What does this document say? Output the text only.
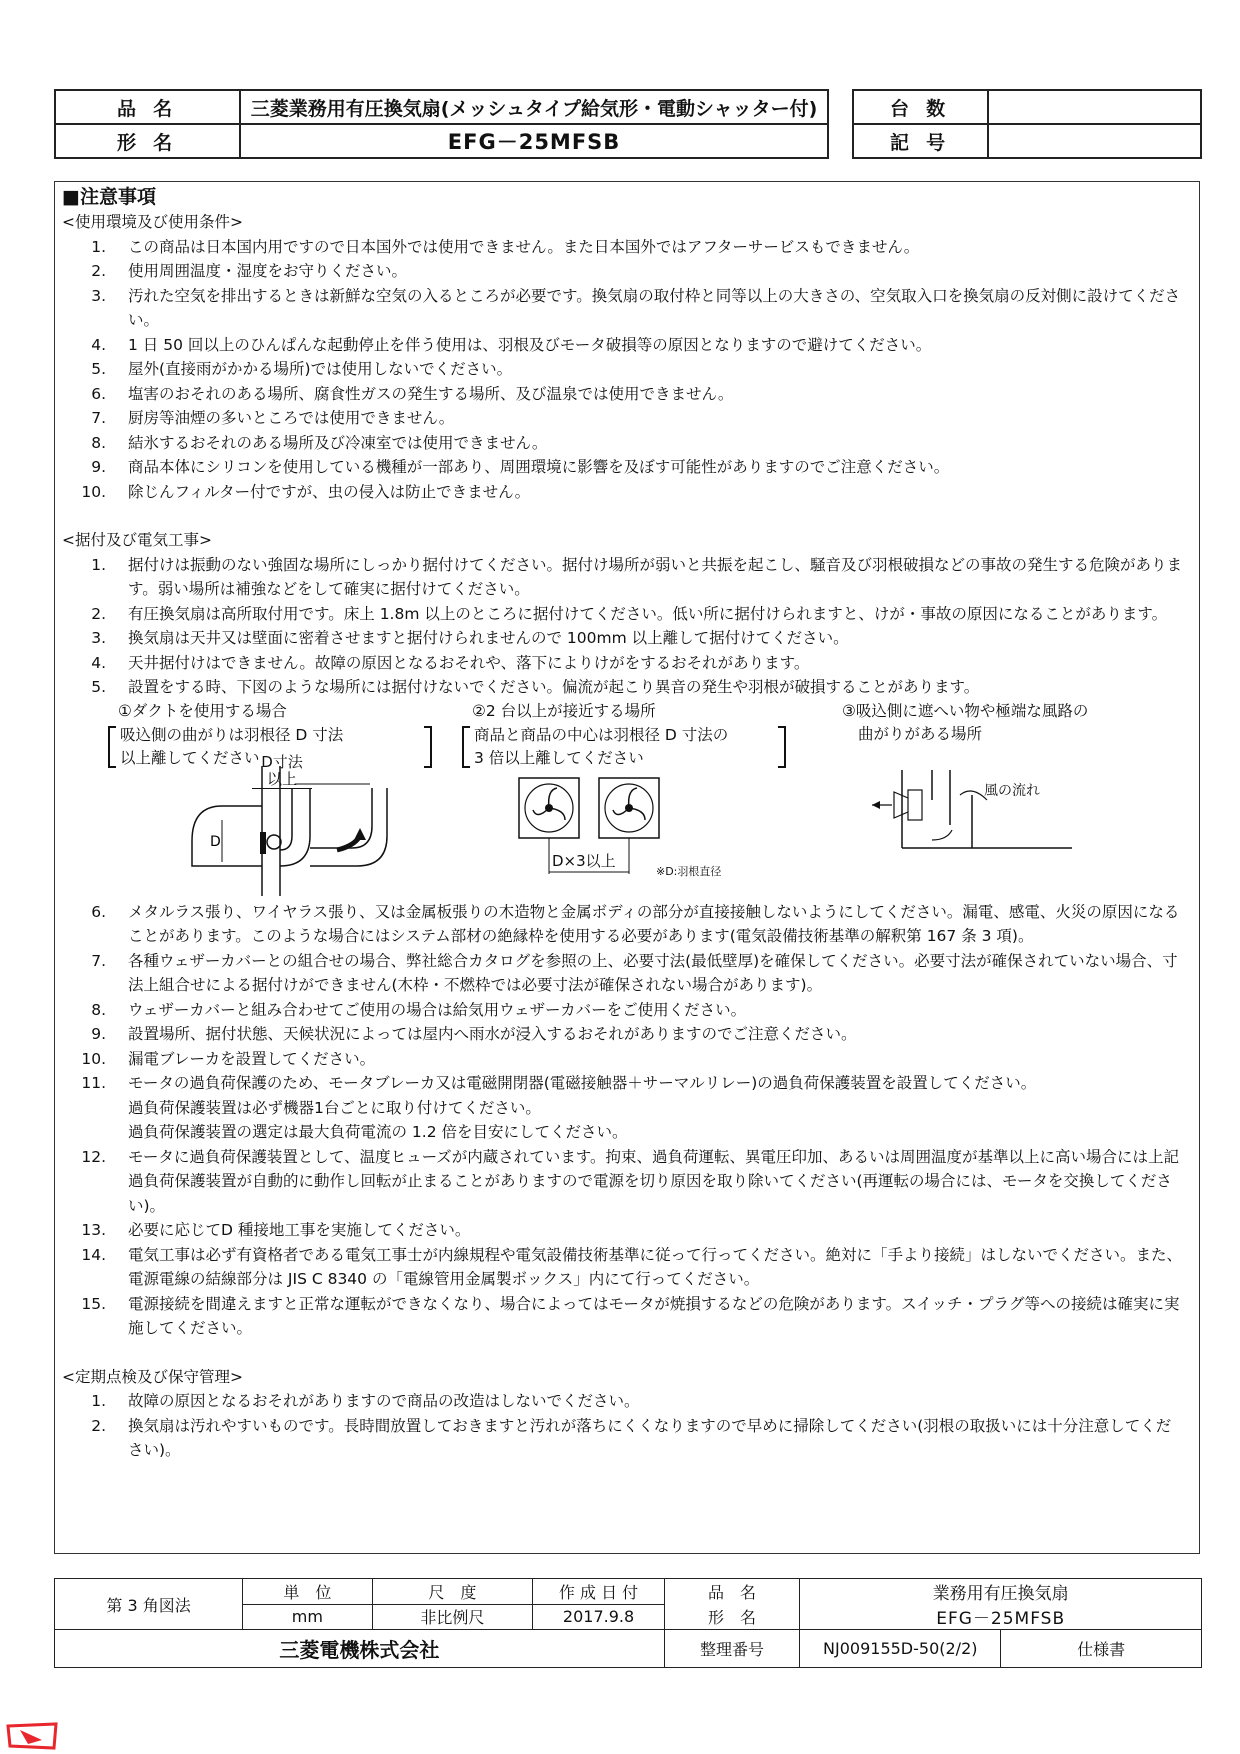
品名	三菱業務用有圧換気扇(メッシュタイプ給気形・電動シャッター付)
形名	EFG－25MFSB
台数	
記号	
■注意事項
<使用環境及び使用条件>
1.	この商品は日本国内用ですので日本国外では使用できません。また日本国外ではアフターサービスもできません。
2.	使用周囲温度・湿度をお守りください。
3.	汚れた空気を排出するときは新鮮な空気の入るところが必要です。換気扇の取付枠と同等以上の大きさの、空気取入口を換気扇の反対側に設けてください。
4.	1 日 50 回以上のひんぱんな起動停止を伴う使用は、羽根及びモータ破損等の原因となりますので避けてください。
5.	屋外(直接雨がかかる場所)では使用しないでください。
6.	塩害のおそれのある場所、腐食性ガスの発生する場所、及び温泉では使用できません。
7.	厨房等油煙の多いところでは使用できません。
8.	結氷するおそれのある場所及び冷凍室では使用できません。
9.	商品本体にシリコンを使用している機種が一部あり、周囲環境に影響を及ぼす可能性がありますのでご注意ください。
10.	除じんフィルター付ですが、虫の侵入は防止できません。
<据付及び電気工事>
1.	据付けは振動のない強固な場所にしっかり据付けてください。据付け場所が弱いと共振を起こし、騒音及び羽根破損などの事故の発生する危険があります。弱い場所は補強などをして確実に据付けてください。
2.	有圧換気扇は高所取付用です。床上 1.8m 以上のところに据付けてください。低い所に据付けられますと、けが・事故の原因になることがあります。
3.	換気扇は天井又は壁面に密着させますと据付けられませんので 100mm 以上離して据付けてください。
4.	天井据付けはできません。故障の原因となるおそれや、落下によりけがをするおそれがあります。
5.	設置をする時、下図のような場所には据付けないでください。偏流が起こり異音の発生や羽根が破損することがあります。
①ダクトを使用する場合
吸込側の曲がりは羽根径 D 寸法
以上離してください
D
D寸法
以上
②2 台以上が接近する場所
商品と商品の中心は羽根径 D 寸法の
3 倍以上離してください
D×3以上
※D:羽根直径
③吸込側に遮へい物や極端な風路の
曲がりがある場所
風の流れ
6.	メタルラス張り、ワイヤラス張り、又は金属板張りの木造物と金属ボディの部分が直接接触しないようにしてください。漏電、感電、火災の原因になることがあります。このような場合にはシステム部材の絶縁枠を使用する必要があります(電気設備技術基準の解釈第 167 条 3 項)。
7.	各種ウェザーカバーとの組合せの場合、弊社総合カタログを参照の上、必要寸法(最低壁厚)を確保してください。必要寸法が確保されていない場合、寸法上組合せによる据付けができません(木枠・不燃枠では必要寸法が確保されない場合があります)。
8.	ウェザーカバーと組み合わせてご使用の場合は給気用ウェザーカバーをご使用ください。
9.	設置場所、据付状態、天候状況によっては屋内へ雨水が浸入するおそれがありますのでご注意ください。
10.	漏電ブレーカを設置してください。
11.	モータの過負荷保護のため、モータブレーカ又は電磁開閉器(電磁接触器＋サーマルリレー)の過負荷保護装置を設置してください。
過負荷保護装置は必ず機器1台ごとに取り付けてください。
過負荷保護装置の選定は最大負荷電流の 1.2 倍を目安にしてください。
12.	モータに過負荷保護装置として、温度ヒューズが内蔵されています。拘束、過負荷運転、異電圧印加、あるいは周囲温度が基準以上に高い場合には上記過負荷保護装置が自動的に動作し回転が止まることがありますので電源を切り原因を取り除いてください(再運転の場合には、モータを交換してください)。
13.	必要に応じてD 種接地工事を実施してください。
14.	電気工事は必ず有資格者である電気工事士が内線規程や電気設備技術基準に従って行ってください。絶対に「手より接続」はしないでください。また、電源電線の結線部分は JIS C 8340 の「電線管用金属製ボックス」内にて行ってください。
15.	電源接続を間違えますと正常な運転ができなくなり、場合によってはモータが焼損するなどの危険があります。スイッチ・プラグ等への接続は確実に実施してください。
<定期点検及び保守管理>
1.	故障の原因となるおそれがありますので商品の改造はしないでください。
2.	換気扇は汚れやすいものです。長時間放置しておきますと汚れが落ちにくくなりますので早めに掃除してください(羽根の取扱いには十分注意してください)。
第 3 角図法	単　位	尺　度	作 成 日 付	品　名	業務用有圧換気扇	
	mm	非比例尺	2017.9.8	形　名	EFG－25MFSB	
三菱電機株式会社				整理番号	NJ009155D-50(2/2)	仕様書
